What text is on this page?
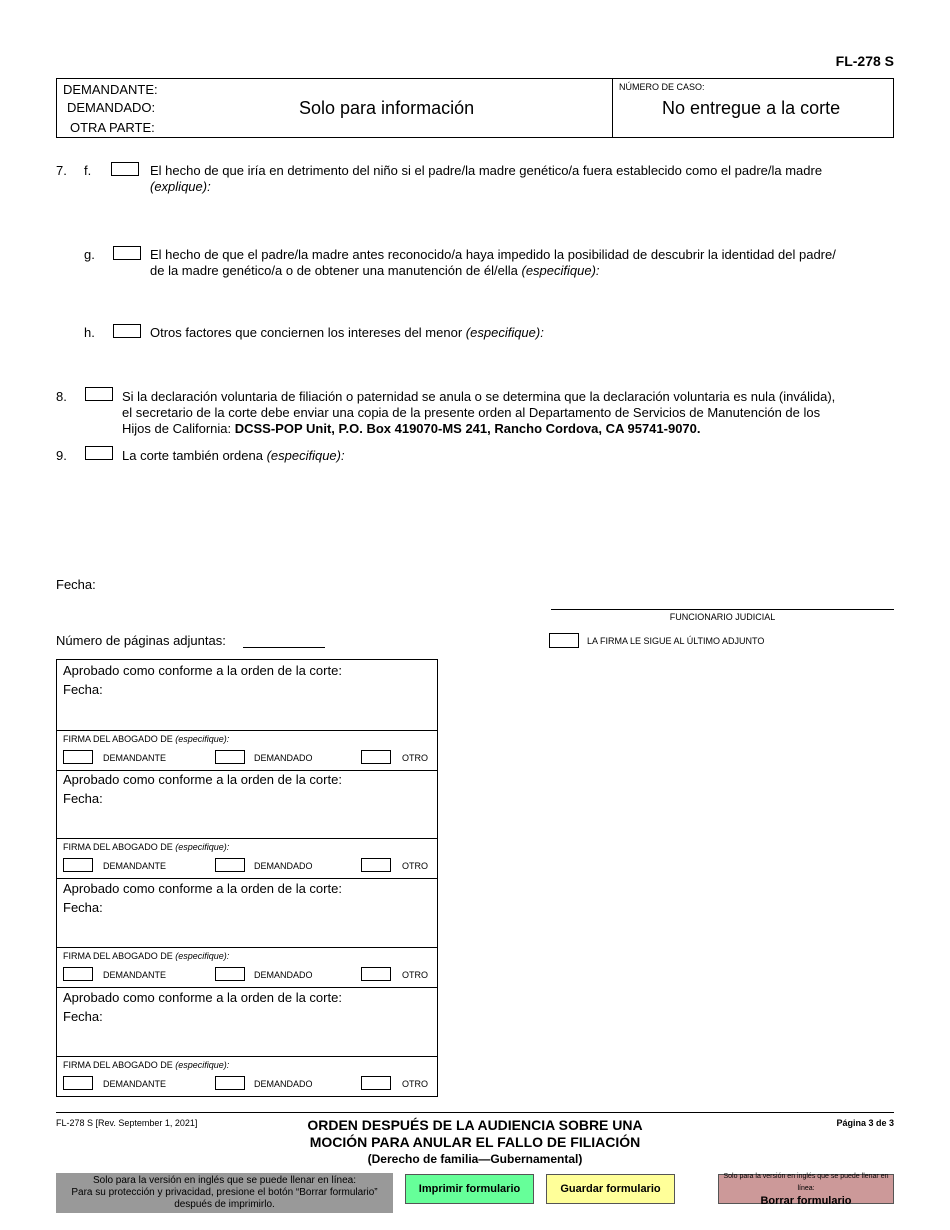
FL-278 S
DEMANDANTE:
DEMANDADO:
OTRA PARTE:
Solo para información
NÚMERO DE CASO:
No entregue a la corte
7. f.	El hecho de que iría en detrimento del niño si el padre/la madre genético/a fuera establecido como el padre/la madre
(explique):
g.	El hecho de que el padre/la madre antes reconocido/a haya impedido la posibilidad de descubrir la identidad del padre/
de la madre genético/a o de obtener una manutención de él/ella (especifique):
h.	Otros factores que conciernen los intereses del menor (especifique):
8.	Si la declaración voluntaria de filiación o paternidad se anula o se determina que la declaración voluntaria es nula (inválida),
el secretario de la corte debe enviar una copia de la presente orden al Departamento de Servicios de Manutención de los
Hijos de California: DCSS-POP Unit, P.O. Box 419070-MS 241, Rancho Cordova, CA 95741-9070.
9.	La corte también ordena (especifique):
Fecha:
FUNCIONARIO JUDICIAL
Número de páginas adjuntas:	LA FIRMA LE SIGUE AL ÚLTIMO ADJUNTO
Aprobado como conforme a la orden de la corte:
Fecha:
FIRMA DEL ABOGADO DE (especifique):
DEMANDANTE	DEMANDADO	OTRO
Aprobado como conforme a la orden de la corte:
Fecha:
FIRMA DEL ABOGADO DE (especifique):
DEMANDANTE	DEMANDADO	OTRO
Aprobado como conforme a la orden de la corte:
Fecha:
FIRMA DEL ABOGADO DE (especifique):
DEMANDANTE	DEMANDADO	OTRO
Aprobado como conforme a la orden de la corte:
Fecha:
FIRMA DEL ABOGADO DE (especifique):
DEMANDANTE	DEMANDADO	OTRO
FL-278 S [Rev. September 1, 2021]	ORDEN DESPUÉS DE LA AUDIENCIA SOBRE UNA
MOCIÓN PARA ANULAR EL FALLO DE FILIACIÓN
(Derecho de familia—Gubernamental)
Página 3 de 3
Solo para la versión en inglés que se puede llenar en línea:
Para su protección y privacidad, presione el botón “Borrar formulario”
después de imprimirlo.
Imprimir formulario	Guardar formulario
Solo para la versión en inglés que se puede llenar en línea:
Borrar formulario
